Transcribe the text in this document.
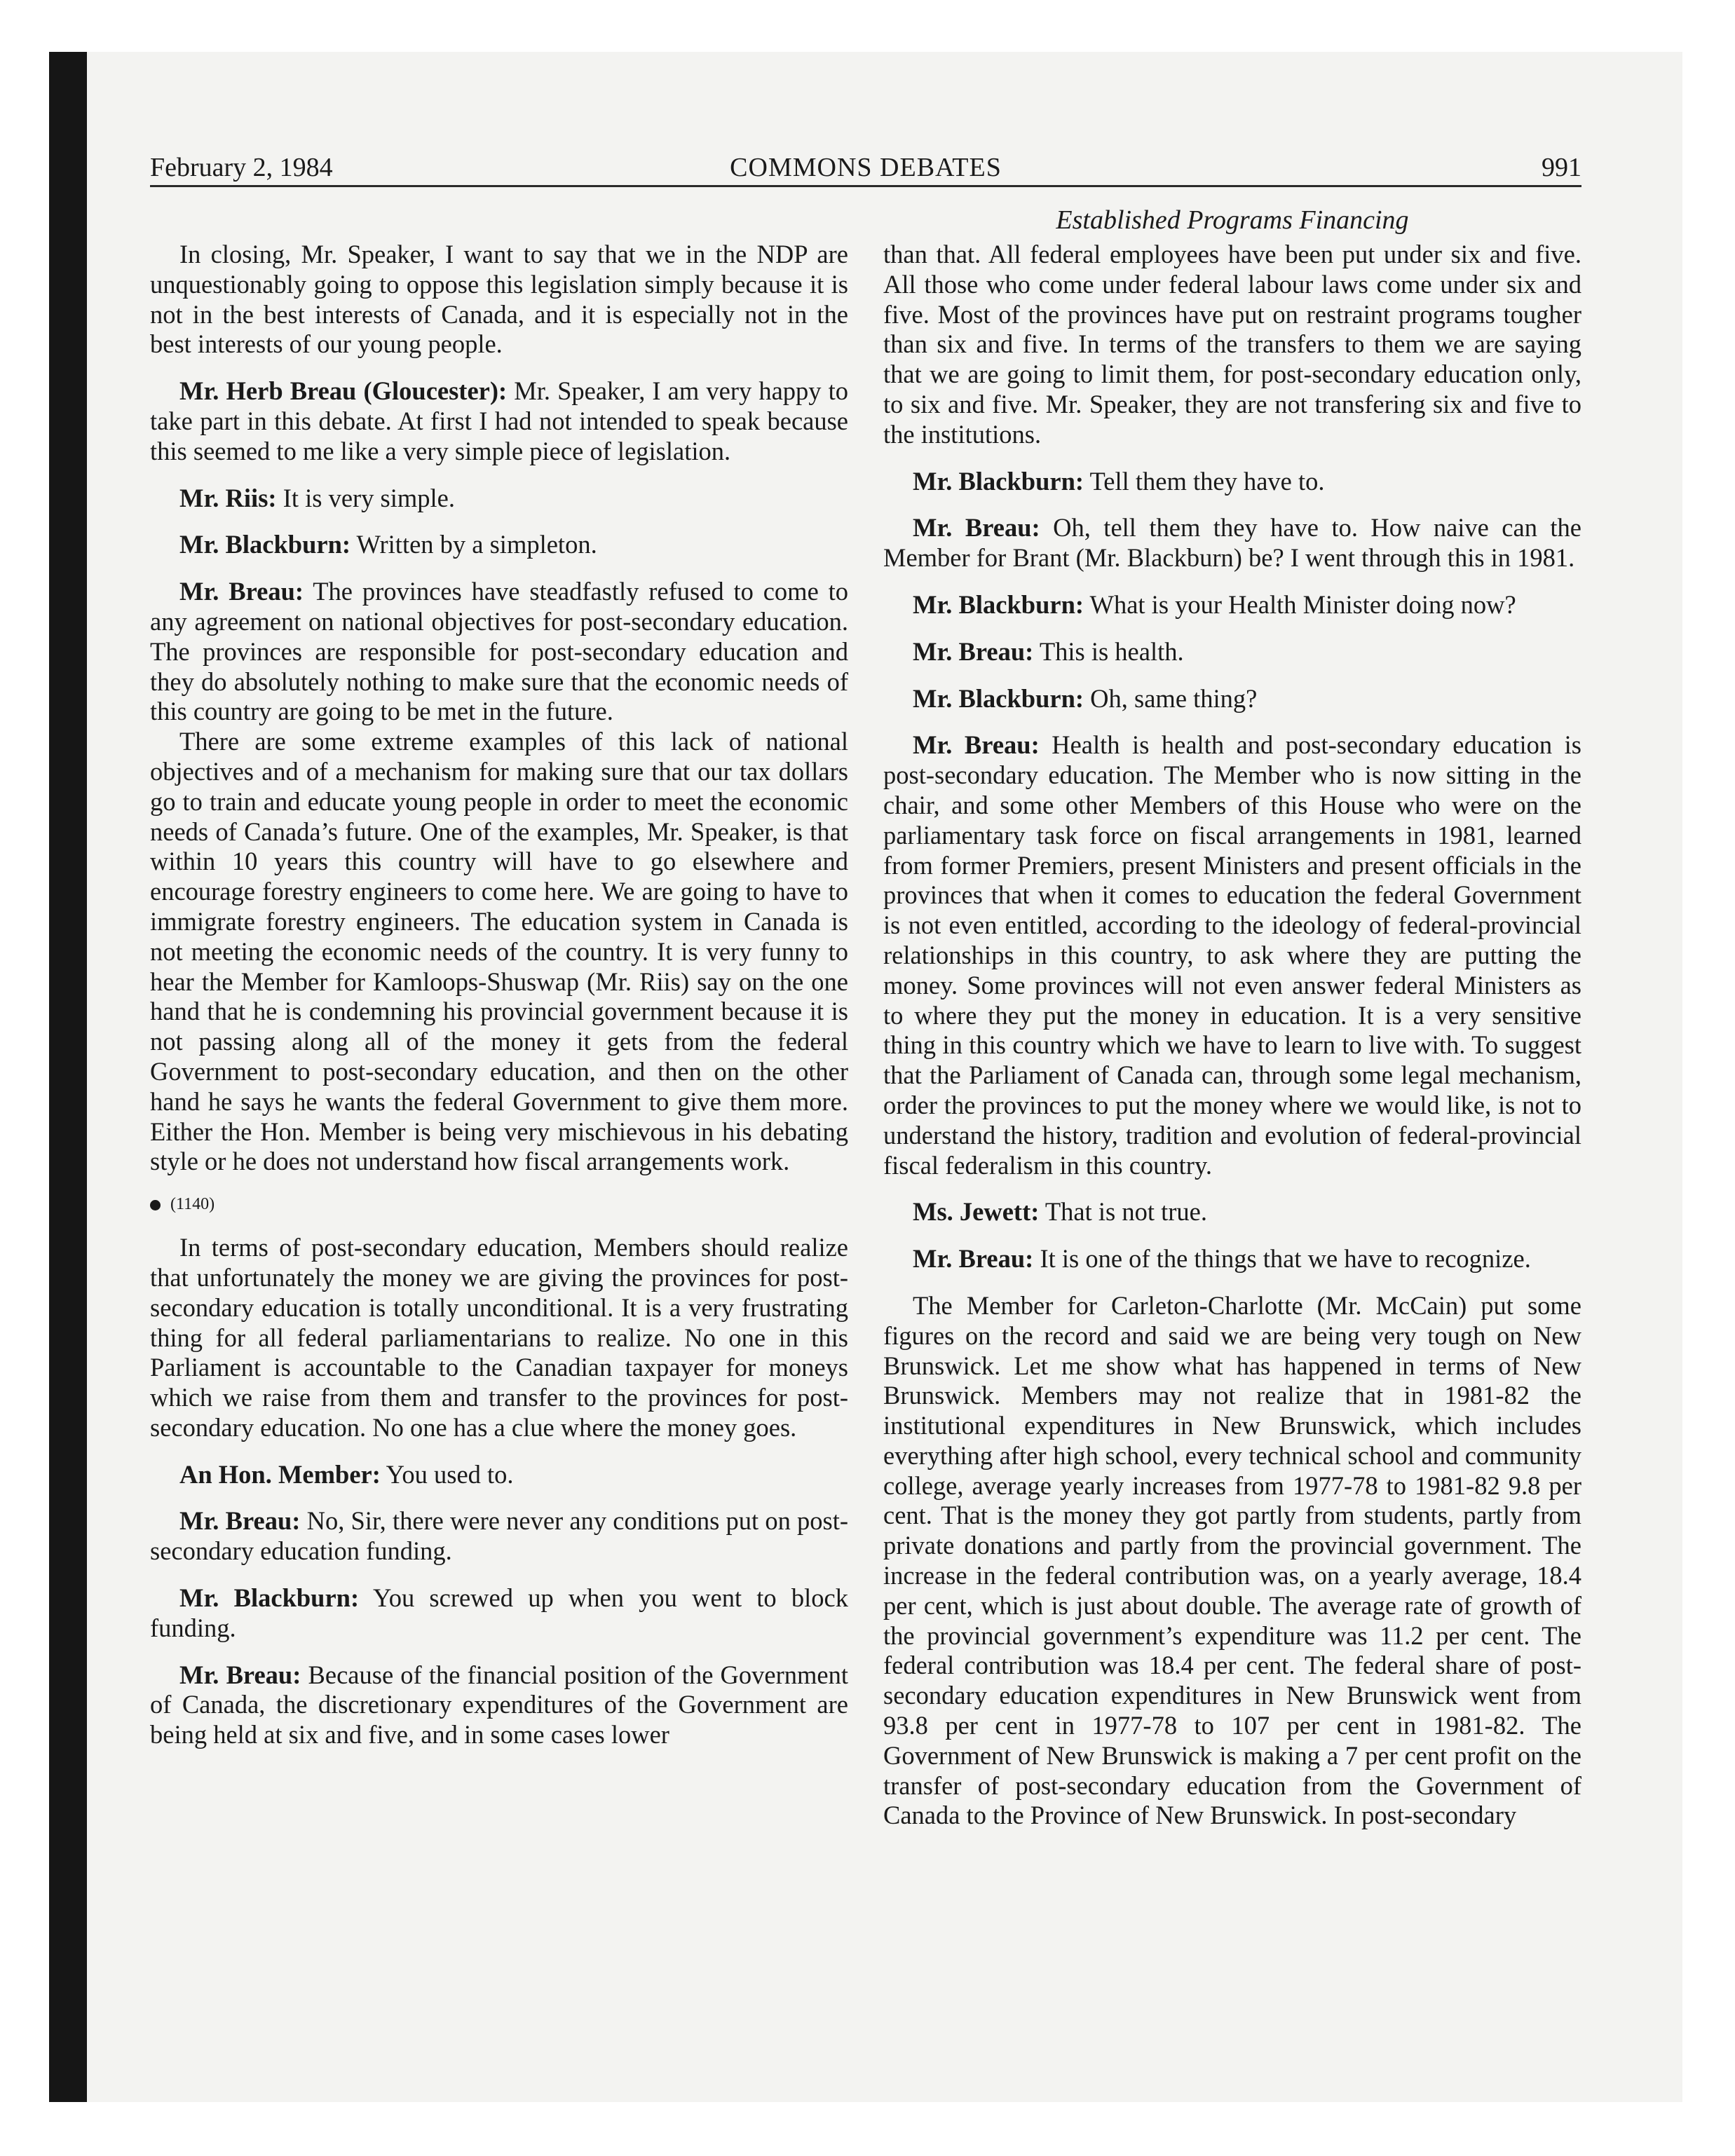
February 2, 1984	COMMONS DEBATES	991
Established Programs Financing

In closing, Mr. Speaker, I want to say that we in the NDP are unquestionably going to oppose this legislation simply because it is not in the best interests of Canada, and it is especially not in the best interests of our young people.

Mr. Herb Breau (Gloucester): Mr. Speaker, I am very happy to take part in this debate. At first I had not intended to speak because this seemed to me like a very simple piece of legislation.

Mr. Riis: It is very simple.

Mr. Blackburn: Written by a simpleton.

Mr. Breau: The provinces have steadfastly refused to come to any agreement on national objectives for post-secondary education. The provinces are responsible for post-secondary education and they do absolutely nothing to make sure that the economic needs of this country are going to be met in the future.

There are some extreme examples of this lack of national objectives and of a mechanism for making sure that our tax dollars go to train and educate young people in order to meet the economic needs of Canada’s future. One of the examples, Mr. Speaker, is that within 10 years this country will have to go elsewhere and encourage forestry engineers to come here. We are going to have to immigrate forestry engineers. The education system in Canada is not meeting the economic needs of the country. It is very funny to hear the Member for Kamloops-Shuswap (Mr. Riis) say on the one hand that he is condemning his provincial government because it is not passing along all of the money it gets from the federal Government to post-secondary education, and then on the other hand he says he wants the federal Government to give them more. Either the Hon. Member is being very mischievous in his debating style or he does not understand how fiscal arrangements work.

(1140)

In terms of post-secondary education, Members should realize that unfortunately the money we are giving the provinces for post-secondary education is totally unconditional. It is a very frustrating thing for all federal parliamentarians to realize. No one in this Parliament is accountable to the Canadian taxpayer for moneys which we raise from them and transfer to the provinces for post-secondary education. No one has a clue where the money goes.

An Hon. Member: You used to.

Mr. Breau: No, Sir, there were never any conditions put on post-secondary education funding.

Mr. Blackburn: You screwed up when you went to block funding.

Mr. Breau: Because of the financial position of the Government of Canada, the discretionary expenditures of the Government are being held at six and five, and in some cases lower

than that. All federal employees have been put under six and five. All those who come under federal labour laws come under six and five. Most of the provinces have put on restraint programs tougher than six and five. In terms of the transfers to them we are saying that we are going to limit them, for post-secondary education only, to six and five. Mr. Speaker, they are not transfering six and five to the institutions.

Mr. Blackburn: Tell them they have to.

Mr. Breau: Oh, tell them they have to. How naive can the Member for Brant (Mr. Blackburn) be? I went through this in 1981.

Mr. Blackburn: What is your Health Minister doing now?

Mr. Breau: This is health.

Mr. Blackburn: Oh, same thing?

Mr. Breau: Health is health and post-secondary education is post-secondary education. The Member who is now sitting in the chair, and some other Members of this House who were on the parliamentary task force on fiscal arrangements in 1981, learned from former Premiers, present Ministers and present officials in the provinces that when it comes to education the federal Government is not even entitled, according to the ideology of federal-provincial relationships in this country, to ask where they are putting the money. Some provinces will not even answer federal Ministers as to where they put the money in education. It is a very sensitive thing in this country which we have to learn to live with. To suggest that the Parliament of Canada can, through some legal mechanism, order the provinces to put the money where we would like, is not to understand the history, tradition and evolution of federal-provincial fiscal federalism in this country.

Ms. Jewett: That is not true.

Mr. Breau: It is one of the things that we have to recognize.

The Member for Carleton-Charlotte (Mr. McCain) put some figures on the record and said we are being very tough on New Brunswick. Let me show what has happened in terms of New Brunswick. Members may not realize that in 1981-82 the institutional expenditures in New Brunswick, which includes everything after high school, every technical school and community college, average yearly increases from 1977-78 to 1981-82 9.8 per cent. That is the money they got partly from students, partly from private donations and partly from the provincial government. The increase in the federal contribution was, on a yearly average, 18.4 per cent, which is just about double. The average rate of growth of the provincial government’s expenditure was 11.2 per cent. The federal contribution was 18.4 per cent. The federal share of post-secondary education expenditures in New Brunswick went from 93.8 per cent in 1977-78 to 107 per cent in 1981-82. The Government of New Brunswick is making a 7 per cent profit on the transfer of post-secondary education from the Government of Canada to the Province of New Brunswick. In post-secondary
